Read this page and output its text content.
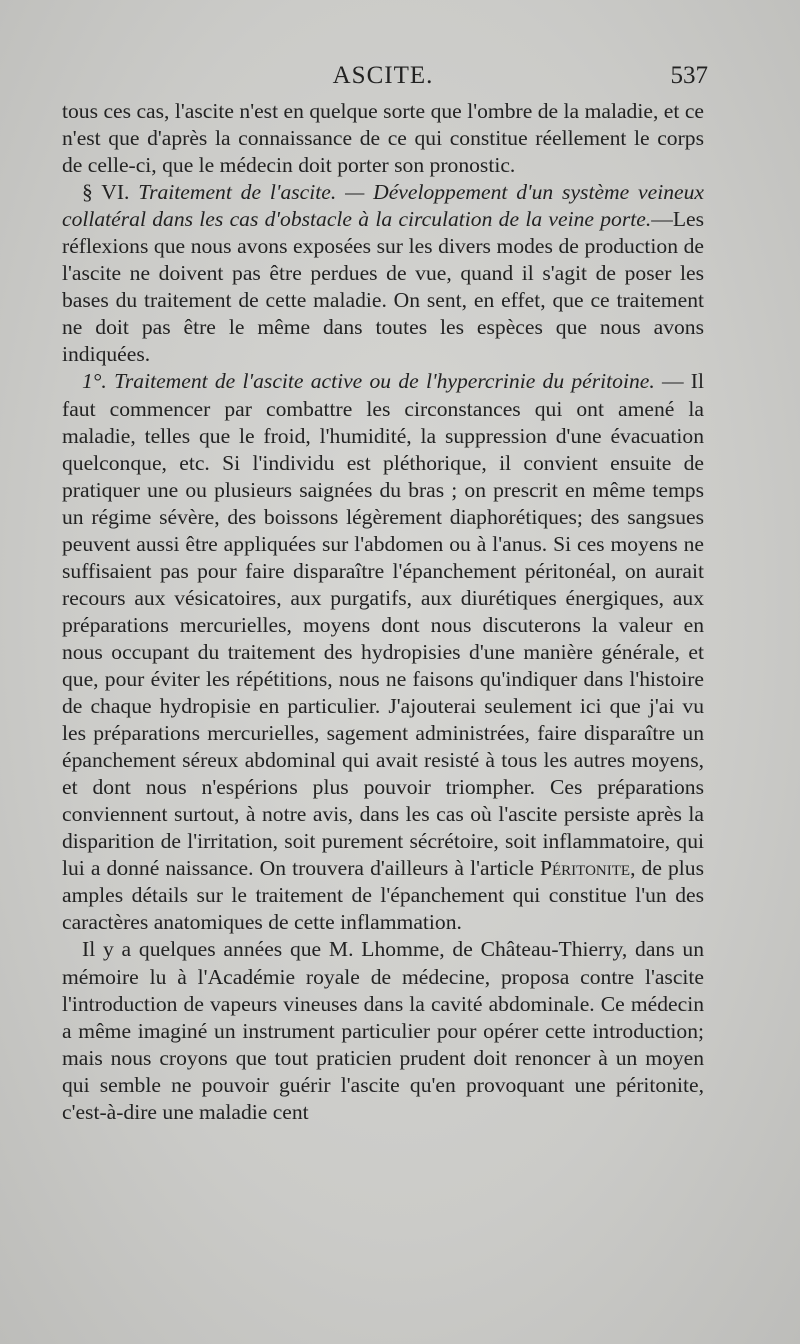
ASCITE.	537

tous ces cas, l'ascite n'est en quelque sorte que l'ombre de la maladie, et ce n'est que d'après la connaissance de ce qui constitue réellement le corps de celle-ci, que le médecin doit porter son pronostic.

§ VI. Traitement de l'ascite. — Développement d'un système veineux collatéral dans les cas d'obstacle à la circulation de la veine porte.—Les réflexions que nous avons exposées sur les divers modes de production de l'ascite ne doivent pas être perdues de vue, quand il s'agit de poser les bases du traitement de cette maladie. On sent, en effet, que ce traitement ne doit pas être le même dans toutes les espèces que nous avons indiquées.

1°. Traitement de l'ascite active ou de l'hypercrinie du péritoine. — Il faut commencer par combattre les circonstances qui ont amené la maladie, telles que le froid, l'humidité, la suppression d'une évacuation quelconque, etc. Si l'individu est pléthorique, il convient ensuite de pratiquer une ou plusieurs saignées du bras ; on prescrit en même temps un régime sévère, des boissons légèrement diaphorétiques; des sangsues peuvent aussi être appliquées sur l'abdomen ou à l'anus. Si ces moyens ne suffisaient pas pour faire disparaître l'épanchement péritonéal, on aurait recours aux vésicatoires, aux purgatifs, aux diurétiques énergiques, aux préparations mercurielles, moyens dont nous discuterons la valeur en nous occupant du traitement des hydropisies d'une manière générale, et que, pour éviter les répétitions, nous ne faisons qu'indiquer dans l'histoire de chaque hydropisie en particulier. J'ajouterai seulement ici que j'ai vu les préparations mercurielles, sagement administrées, faire disparaître un épanchement séreux abdominal qui avait resisté à tous les autres moyens, et dont nous n'espérions plus pouvoir triompher. Ces préparations conviennent surtout, à notre avis, dans les cas où l'ascite persiste après la disparition de l'irritation, soit purement sécrétoire, soit inflammatoire, qui lui a donné naissance. On trouvera d'ailleurs à l'article Péritonite, de plus amples détails sur le traitement de l'épanchement qui constitue l'un des caractères anatomiques de cette inflammation.

Il y a quelques années que M. Lhomme, de Château-Thierry, dans un mémoire lu à l'Académie royale de médecine, proposa contre l'ascite l'introduction de vapeurs vineuses dans la cavité abdominale. Ce médecin a même imaginé un instrument particulier pour opérer cette introduction; mais nous croyons que tout praticien prudent doit renoncer à un moyen qui semble ne pouvoir guérir l'ascite qu'en provoquant une péritonite, c'est-à-dire une maladie cent
